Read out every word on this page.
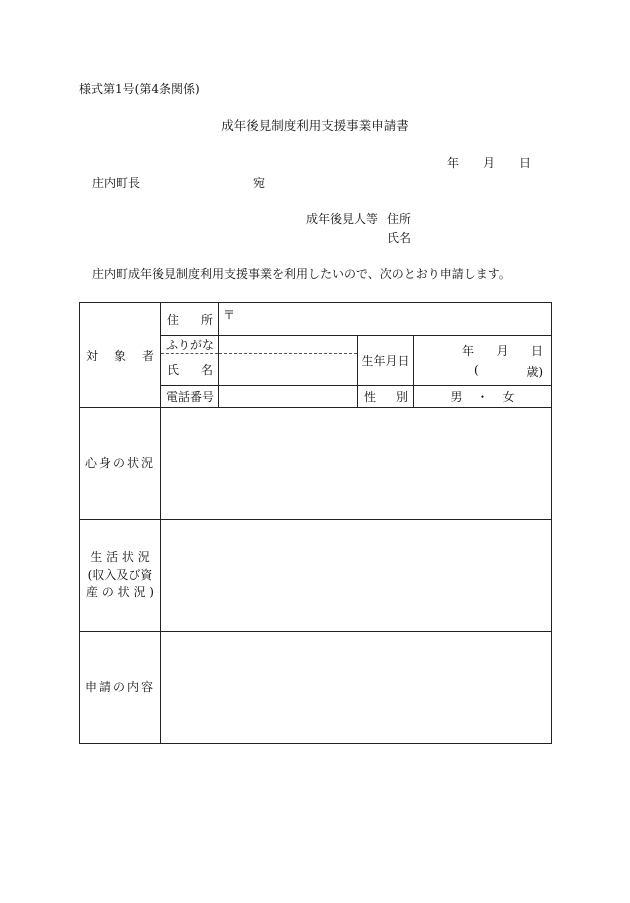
様式第1号(第4条関係)
成年後見制度利用支援事業申請書
年 月 日
庄内町長	宛
成年後見人等 住所
氏名
庄内町成年後見制度利用支援事業を利用したいので、次のとおり申請します。
対 象 者	住 所	〒		

	ふりがな		生年月日	年 月 日
( 歳)

	氏 名			

	電話番号		性 別	男 ・ 女

心身の状況				

生 活 状 況
(収入及び資
産 の 状 況 )				

申請の内容				
